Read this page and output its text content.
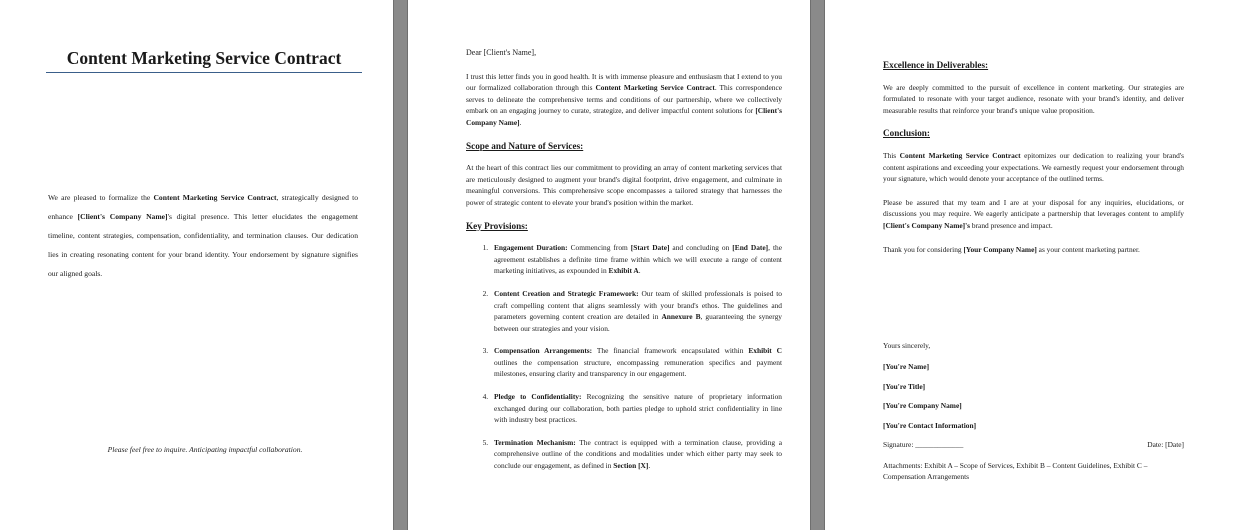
Content Marketing Service Contract

We are pleased to formalize the Content Marketing Service Contract, strategically designed to enhance [Client's Company Name]'s digital presence. This letter elucidates the engagement timeline, content strategies, compensation, confidentiality, and termination clauses. Our dedication lies in creating resonating content for your brand identity. Your endorsement by signature signifies our aligned goals.

Please feel free to inquire. Anticipating impactful collaboration.

Dear [Client's Name],

I trust this letter finds you in good health. It is with immense pleasure and enthusiasm that I extend to you our formalized collaboration through this Content Marketing Service Contract. This correspondence serves to delineate the comprehensive terms and conditions of our partnership, where we collectively embark on an engaging journey to curate, strategize, and deliver impactful content solutions for [Client's Company Name].

Scope and Nature of Services:

At the heart of this contract lies our commitment to providing an array of content marketing services that are meticulously designed to augment your brand's digital footprint, drive engagement, and culminate in meaningful conversions. This comprehensive scope encompasses a tailored strategy that harnesses the power of strategic content to elevate your brand's position within the market.

Key Provisions:

1. Engagement Duration: Commencing from [Start Date] and concluding on [End Date], the agreement establishes a definite time frame within which we will execute a range of content marketing initiatives, as expounded in Exhibit A.
2. Content Creation and Strategic Framework: Our team of skilled professionals is poised to craft compelling content that aligns seamlessly with your brand's ethos. The guidelines and parameters governing content creation are detailed in Annexure B, guaranteeing the synergy between our strategies and your vision.
3. Compensation Arrangements: The financial framework encapsulated within Exhibit C outlines the compensation structure, encompassing remuneration specifics and payment milestones, ensuring clarity and transparency in our engagement.
4. Pledge to Confidentiality: Recognizing the sensitive nature of proprietary information exchanged during our collaboration, both parties pledge to uphold strict confidentiality in line with industry best practices.
5. Termination Mechanism: The contract is equipped with a termination clause, providing a comprehensive outline of the conditions and modalities under which either party may seek to conclude our engagement, as defined in Section [X].

Excellence in Deliverables:

We are deeply committed to the pursuit of excellence in content marketing. Our strategies are formulated to resonate with your target audience, resonate with your brand's identity, and deliver measurable results that reinforce your brand's unique value proposition.

Conclusion:

This Content Marketing Service Contract epitomizes our dedication to realizing your brand's content aspirations and exceeding your expectations. We earnestly request your endorsement through your signature, which would denote your acceptance of the outlined terms.

Please be assured that my team and I are at your disposal for any inquiries, elucidations, or discussions you may require. We eagerly anticipate a partnership that leverages content to amplify [Client's Company Name]'s brand presence and impact.

Thank you for considering [Your Company Name] as your content marketing partner.

Yours sincerely,

[You're Name]

[You're Title]

[You're Company Name]

[You're Contact Information]

Signature: _____________	Date: [Date]

Attachments: Exhibit A – Scope of Services, Exhibit B – Content Guidelines, Exhibit C – Compensation Arrangements
